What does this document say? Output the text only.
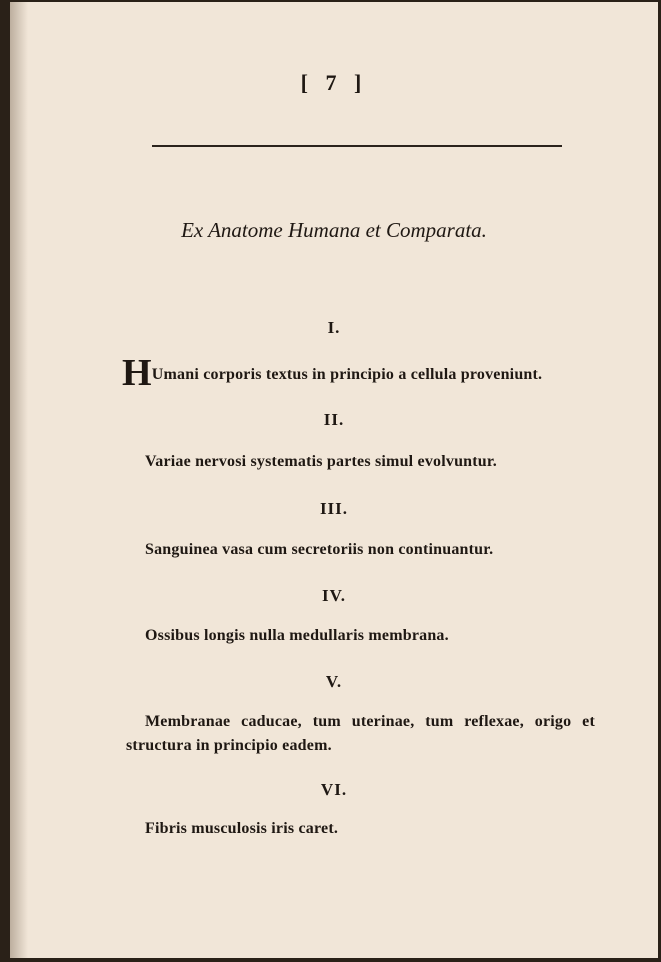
[ 7 ]
Ex Anatome Humana et Comparata.
I.
HUmani corporis textus in principio a cellula proveniunt.
II.
Variae nervosi systematis partes simul evolvuntur.
III.
Sanguinea vasa cum secretoriis non continuantur.
IV.
Ossibus longis nulla medullaris membrana.
V.
Membranae caducae, tum uterinae, tum reflexae, origo et
structura in principio eadem.
VI.
Fibris musculosis iris caret.
